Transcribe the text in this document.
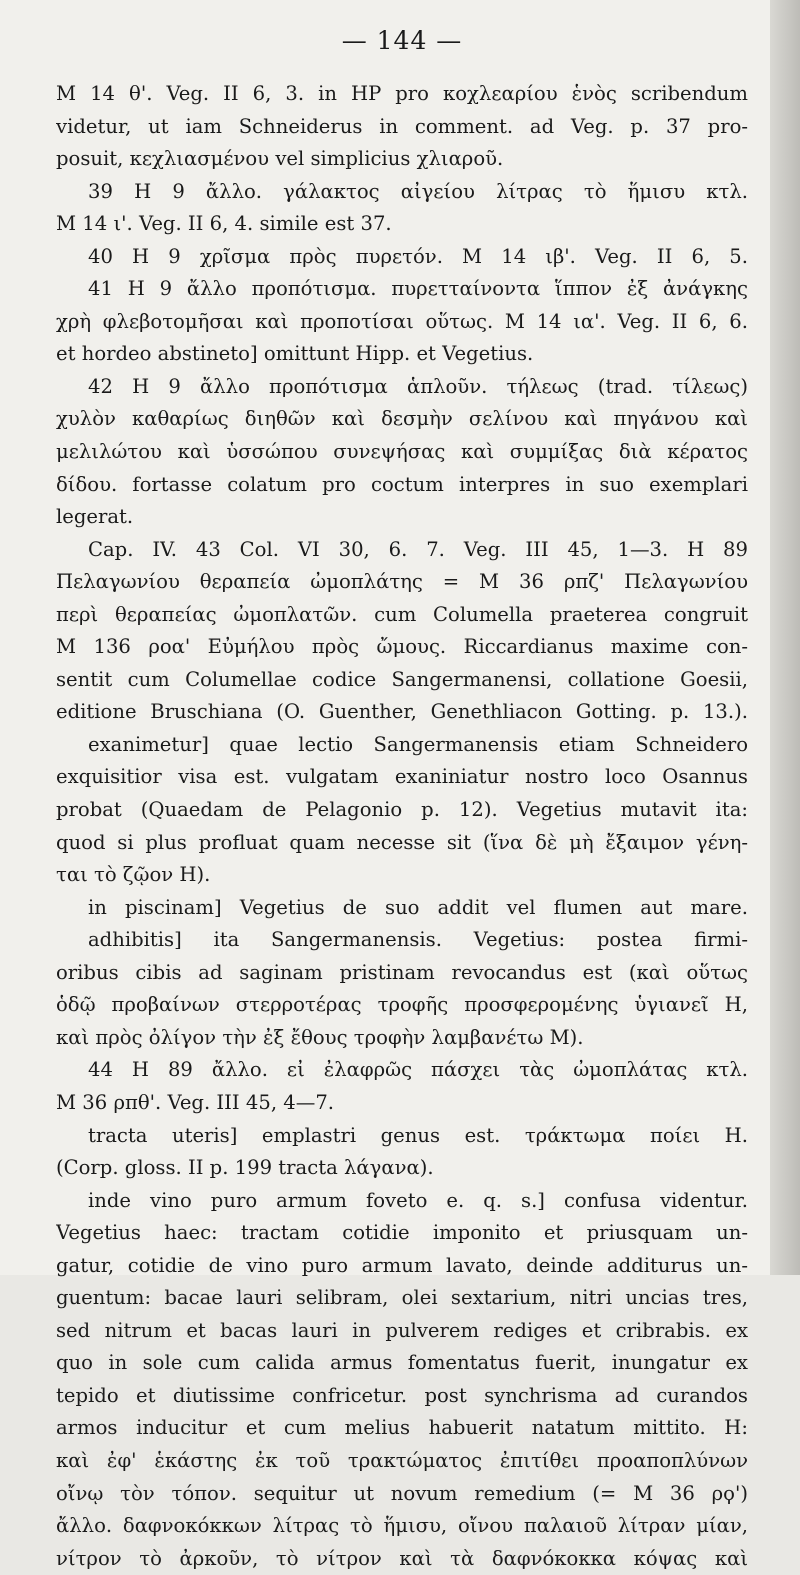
— 144 —
M 14 θ'. Veg. II 6, 3. in HP pro κοχλεαρίου ἑνὸς scribendum
videtur, ut iam Schneiderus in comment. ad Veg. p. 37 pro-
posuit, κεχλιασμένου vel simplicius χλιαροῦ.
39 H 9 ἄλλο. γάλακτος αἰγείου λίτρας τὸ ἥμισυ κτλ.
M 14 ι'. Veg. II 6, 4. simile est 37.
40 H 9 χρῖσμα πρὸς πυρετόν. M 14 ιβ'. Veg. II 6, 5.
41 H 9 ἄλλο προπότισμα. πυρετταίνοντα ἵππον ἐξ ἀνάγκης
χρὴ φλεβοτομῆσαι καὶ προποτίσαι οὕτως. M 14 ια'. Veg. II 6, 6.
et hordeo abstineto] omittunt Hipp. et Vegetius.
42 H 9 ἄλλο προπότισμα ἁπλοῦν. τήλεως (trad. τίλεως)
χυλὸν καθαρίως διηθῶν καὶ δεσμὴν σελίνου καὶ πηγάνου καὶ
μελιλώτου καὶ ὑσσώπου συνεψήσας καὶ συμμίξας διὰ κέρατος
δίδου. fortasse colatum pro coctum interpres in suo exemplari
legerat.
Cap. IV. 43 Col. VI 30, 6. 7. Veg. III 45, 1—3. H 89
Πελαγωνίου θεραπεία ὠμοπλάτης = M 36 ρπζ' Πελαγωνίου
περὶ θεραπείας ὠμοπλατῶν. cum Columella praeterea congruit
M 136 ροα' Εὐμήλου πρὸς ὤμους. Riccardianus maxime con-
sentit cum Columellae codice Sangermanensi, collatione Goesii,
editione Bruschiana (O. Guenther, Genethliacon Gotting. p. 13.).
exanimetur] quae lectio Sangermanensis etiam Schneidero
exquisitior visa est. vulgatam exaniniatur nostro loco Osannus
probat (Quaedam de Pelagonio p. 12). Vegetius mutavit ita:
quod si plus profluat quam necesse sit (ἵνα δὲ μὴ ἔξαιμον γένη-
ται τὸ ζῷον H).
in piscinam] Vegetius de suo addit vel flumen aut mare.
adhibitis] ita Sangermanensis. Vegetius: postea firmi-
oribus cibis ad saginam pristinam revocandus est (καὶ οὕτως
ὁδῷ προβαίνων στερροτέρας τροφῆς προσφερομένης ὑγιανεῖ H,
καὶ πρὸς ὀλίγον τὴν ἐξ ἔθους τροφὴν λαμβανέτω M).
44 H 89 ἄλλο. εἰ ἐλαφρῶς πάσχει τὰς ὠμοπλάτας κτλ.
M 36 ρπθ'. Veg. III 45, 4—7.
tracta uteris] emplastri genus est. τράκτωμα ποίει H.
(Corp. gloss. II p. 199 tracta λάγανα).
inde vino puro armum foveto e. q. s.] confusa videntur.
Vegetius haec: tractam cotidie imponito et priusquam un-
gatur, cotidie de vino puro armum lavato, deinde additurus un-
guentum: bacae lauri selibram, olei sextarium, nitri uncias tres,
sed nitrum et bacas lauri in pulverem rediges et cribrabis. ex
quo in sole cum calida armus fomentatus fuerit, inungatur ex
tepido et diutissime confricetur. post synchrisma ad curandos
armos inducitur et cum melius habuerit natatum mittito. H:
καὶ ἐφ' ἑκάστης ἐκ τοῦ τρακτώματος ἐπιτίθει προαποπλύνων
οἴνῳ τὸν τόπον. sequitur ut novum remedium (= M 36 ρϙ')
ἄλλο. δαφνοκόκκων λίτρας τὸ ἥμισυ, οἴνου παλαιοῦ λίτραν μίαν,
νίτρον τὸ ἀρκοῦν, τὸ νίτρον καὶ τὰ δαφνόκοκκα κόψας καὶ
